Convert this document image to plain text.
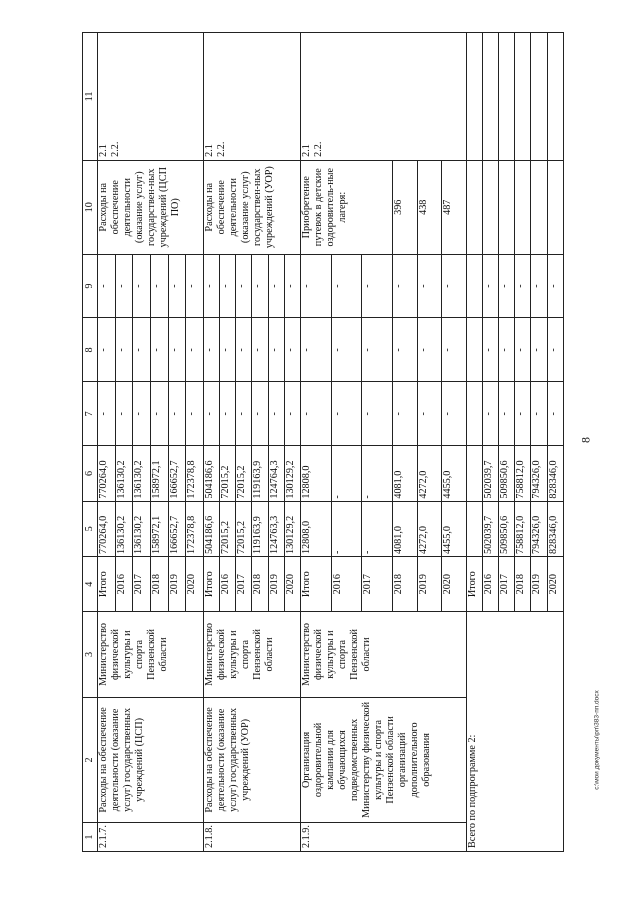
8
c:\мои документы\рп\383-пп.docx
1	2	3	4	5	6	7	8	9	10	11
2.1.7.	Расходы на обеспечение деятельности (оказание услуг) государственных учреждений (ЦСП)	Министерство физической культуры и спорта Пензенской области	Итого	770264,0	770264,0	-	-	-	Расходы на обеспечение деятельности (оказание услуг) государствен-ных учреждений (ЦСП ПО)	2.1
2.2.
			2016	136130,2	136130,2	-	-	-		
			2017	136130,2	136130,2	-	-	-		
			2018	158972,1	158972,1	-	-	-		
			2019	166652,7	166652,7	-	-	-		
			2020	172378,8	172378,8	-	-	-		
2.1.8.	Расходы на обеспечение деятельности (оказание услуг) государственных учреждений (УОР)	Министерство физической культуры и спорта Пензенской области	Итого	504186,6	504186,6	-	-	-	Расходы на обеспечение деятельности (оказание услуг) государствен-ных учреждений (УОР)	2.1
2.2.
			2016	72015,2	72015,2	-	-	-		
			2017	72015,2	72015,2	-	-	-		
			2018	119163,9	119163,9	-	-	-		
			2019	124763,3	124764,3	-	-	-		
			2020	130129,2	130129,2	-	-	-		
2.1.9.	Организация оздоровительной кампании для обучающихся подведомственных Министерству физической культуры и спорта Пензенской области организаций дополнительного образования	Министерство физической культуры и спорта Пензенской области	Итого	12808,0	12808,0	-	-	-	Приобретение путевок в детские оздоровитель-ные лагеря:	2.1
2.2.
			2016	-	-	-	-	-		
			2017	-	-	-	-	-		
			2018	4081,0	4081,0	-	-	-	396	
			2019	4272,0	4272,0	-	-	-	438	
			2020	4455,0	4455,0	-	-	-	487	
Всего по подпрограмме 2:			Итого							
			2016	502039,7	502039,7	-	-	-		
			2017	509850,6	509850,6	-	-	-		
			2018	758812,0	758812,0	-	-	-		
			2019	794326,0	794326,0	-	-	-		
			2020	828346,0	828346,0	-	-	-		
